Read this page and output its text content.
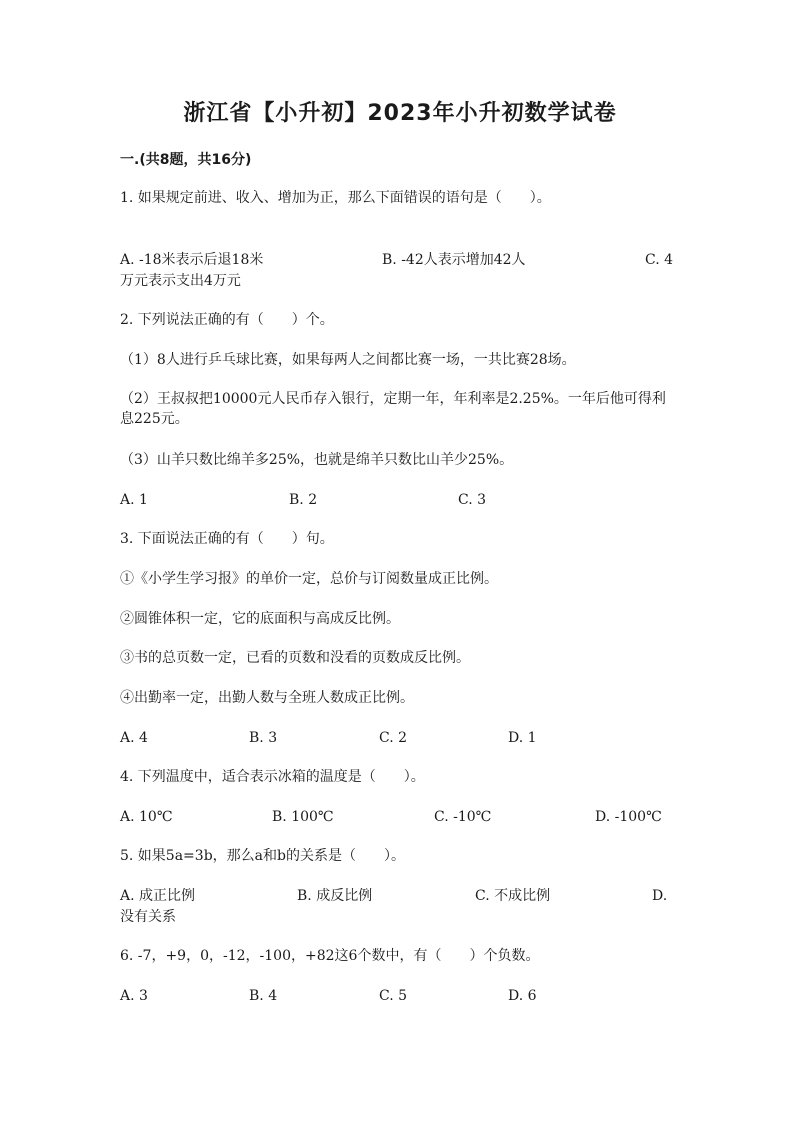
浙江省【小升初】2023年小升初数学试卷
一.(共8题，共16分)
1. 如果规定前进、收入、增加为正，那么下面错误的语句是（　　）。
A. -18米表示后退18米	B. -42人表示增加42人	C. 4
万元表示支出4万元
2. 下列说法正确的有（　　）个。
（1）8人进行乒乓球比赛，如果每两人之间都比赛一场，一共比赛28场。
（2）王叔叔把10000元人民币存入银行，定期一年，年利率是2.25%。一年后他可得利息225元。
（3）山羊只数比绵羊多25%，也就是绵羊只数比山羊少25%。
A. 1	B. 2	C. 3
3. 下面说法正确的有（　　）句。
①《小学生学习报》的单价一定，总价与订阅数量成正比例。
②圆锥体积一定，它的底面积与高成反比例。
③书的总页数一定，已看的页数和没看的页数成反比例。
④出勤率一定，出勤人数与全班人数成正比例。
A. 4	B. 3	C. 2	D. 1
4. 下列温度中，适合表示冰箱的温度是（　　）。
A. 10℃	B. 100℃	C. -10℃	D. -100℃
5. 如果5a=3b，那么a和b的关系是（　　）。
A. 成正比例	B. 成反比例	C. 不成比例	D.
没有关系
6. -7，+9，0，-12，-100，+82这6个数中，有（　　）个负数。
A. 3	B. 4	C. 5	D. 6
